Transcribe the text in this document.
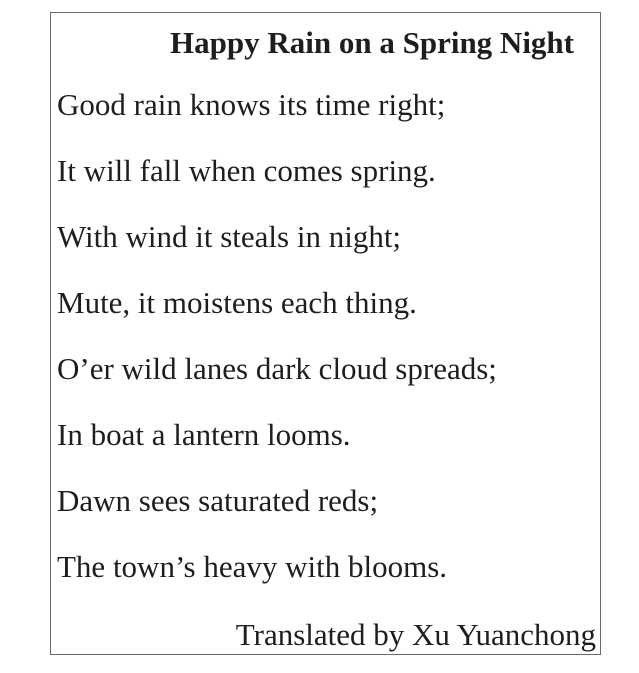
Happy Rain on a Spring Night
Good rain knows its time right;
It will fall when comes spring.
With wind it steals in night;
Mute, it moistens each thing.
O’er wild lanes dark cloud spreads;
In boat a lantern looms.
Dawn sees saturated reds;
The town’s heavy with blooms.

Translated by Xu Yuanchong
